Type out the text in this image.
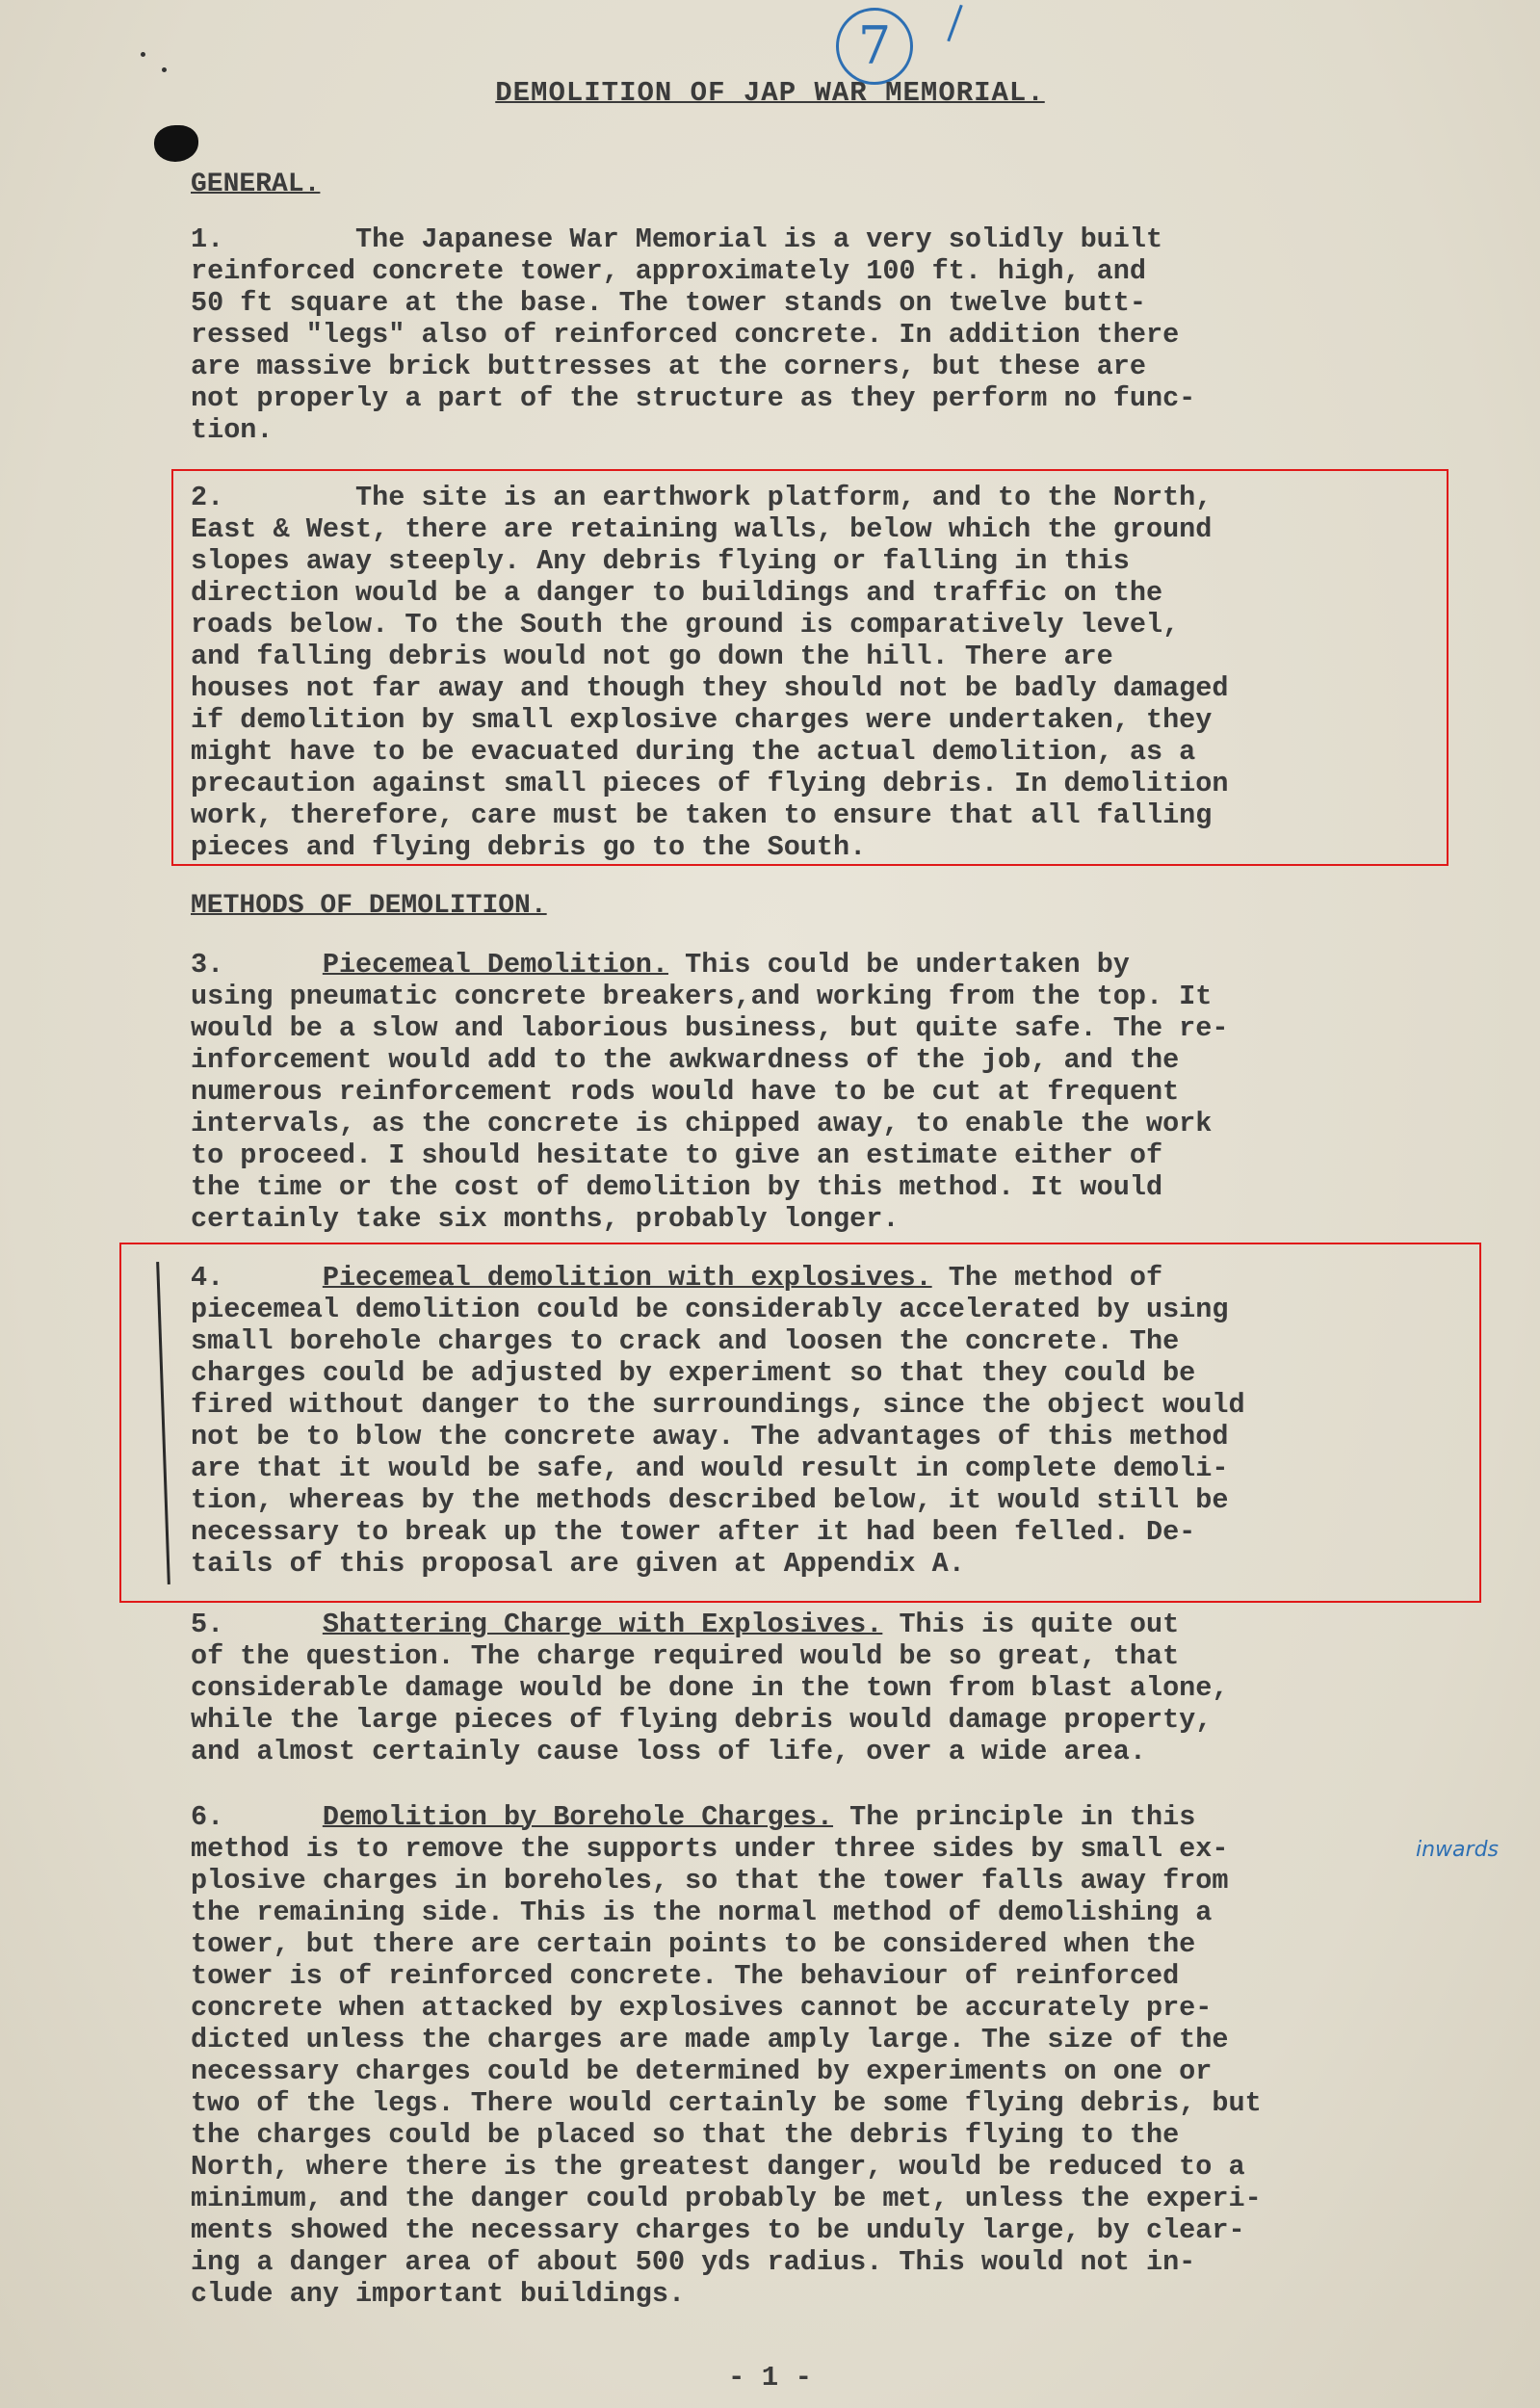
7
DEMOLITION OF JAP WAR MEMORIAL.
GENERAL.
1.	The Japanese War Memorial is a very solidly built
reinforced concrete tower, approximately 100 ft. high, and
50 ft square at the base. The tower stands on twelve butt-
ressed "legs" also of reinforced concrete. In addition there
are massive brick buttresses at the corners, but these are
not properly a part of the structure as they perform no func-
tion.
2.	The site is an earthwork platform, and to the North,
East & West, there are retaining walls, below which the ground
slopes away steeply. Any debris flying or falling in this
direction would be a danger to buildings and traffic on the
roads below. To the South the ground is comparatively level,
and falling debris would not go down the hill. There are
houses not far away and though they should not be badly damaged
if demolition by small explosive charges were undertaken, they
might have to be evacuated during the actual demolition, as a
precaution against small pieces of flying debris. In demolition
work, therefore, care must be taken to ensure that all falling
pieces and flying debris go to the South.
METHODS OF DEMOLITION.
3.	Piecemeal Demolition. This could be undertaken by
using pneumatic concrete breakers,and working from the top. It
would be a slow and laborious business, but quite safe. The re-
inforcement would add to the awkwardness of the job, and the
numerous reinforcement rods would have to be cut at frequent
intervals, as the concrete is chipped away, to enable the work
to proceed. I should hesitate to give an estimate either of
the time or the cost of demolition by this method. It would
certainly take six months, probably longer.
4.	Piecemeal demolition with explosives. The method of
piecemeal demolition could be considerably accelerated by using
small borehole charges to crack and loosen the concrete. The
charges could be adjusted by experiment so that they could be
fired without danger to the surroundings, since the object would
not be to blow the concrete away. The advantages of this method
are that it would be safe, and would result in complete demoli-
tion, whereas by the methods described below, it would still be
necessary to break up the tower after it had been felled. De-
tails of this proposal are given at Appendix A.
5.	Shattering Charge with Explosives. This is quite out
of the question. The charge required would be so great, that
considerable damage would be done in the town from blast alone,
while the large pieces of flying debris would damage property,
and almost certainly cause loss of life, over a wide area.
6.	Demolition by Borehole Charges. The principle in this
method is to remove the supports under three sides by small ex-
plosive charges in boreholes, so that the tower falls away from
the remaining side. This is the normal method of demolishing a
tower, but there are certain points to be considered when the
tower is of reinforced concrete. The behaviour of reinforced
concrete when attacked by explosives cannot be accurately pre-
dicted unless the charges are made amply large. The size of the
necessary charges could be determined by experiments on one or
two of the legs. There would certainly be some flying debris, but
the charges could be placed so that the debris flying to the
North, where there is the greatest danger, would be reduced to a
minimum, and the danger could probably be met, unless the experi-
ments showed the necessary charges to be unduly large, by clear-
ing a danger area of about 500 yds radius. This would not in-
clude any important buildings.
inwards
- 1 -
